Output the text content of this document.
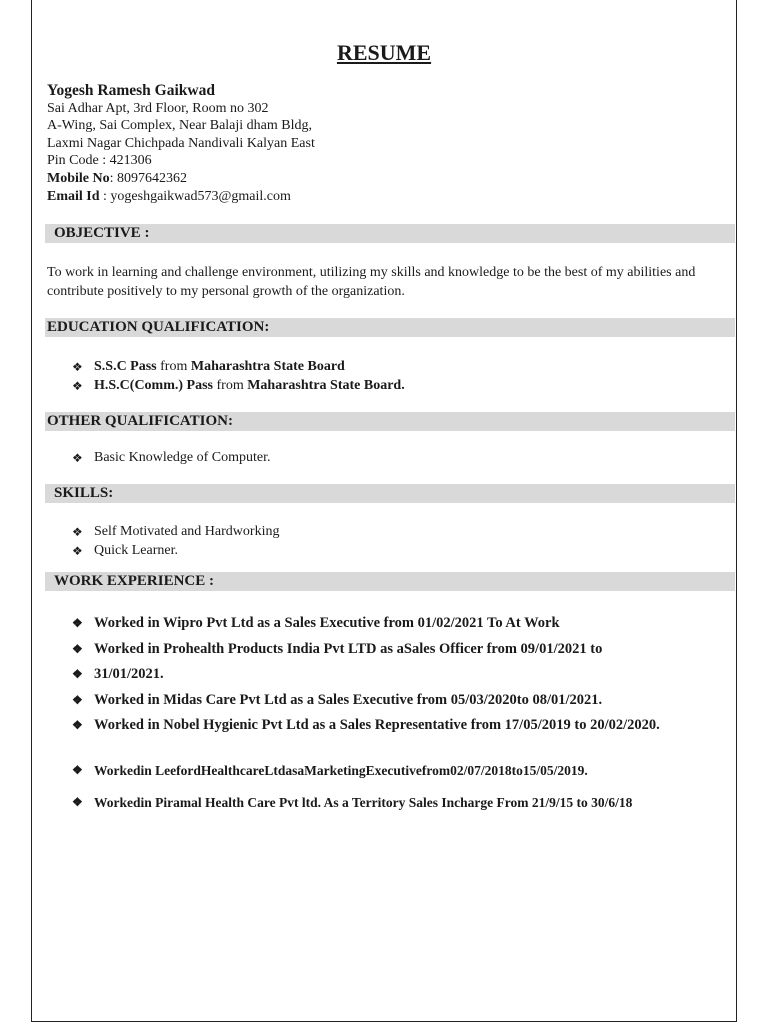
RESUME
Yogesh Ramesh Gaikwad
Sai Adhar Apt, 3rd Floor, Room no 302
A-Wing, Sai Complex, Near Balaji dham Bldg,
Laxmi Nagar Chichpada Nandivali Kalyan East
Pin Code : 421306
Mobile No: 8097642362
Email Id : yogeshgaikwad573@gmail.com
OBJECTIVE :
To work in learning and challenge environment, utilizing my skills and knowledge to be the best of my abilities and contribute positively to my personal growth of the organization.
EDUCATION QUALIFICATION:
❖ S.S.C Pass from Maharashtra State Board
❖ H.S.C(Comm.) Pass from Maharashtra State Board.
OTHER QUALIFICATION:
❖ Basic Knowledge of Computer.
SKILLS:
❖ Self Motivated and Hardworking
❖ Quick Learner.
WORK EXPERIENCE :
❖ Worked in Wipro Pvt Ltd as a Sales Executive from 01/02/2021 To At Work
❖ Worked in Prohealth Products India Pvt LTD as aSales Officer from 09/01/2021 to
❖ 31/01/2021.
❖ Worked in Midas Care Pvt Ltd as a Sales Executive from 05/03/2020to 08/01/2021.
❖ Worked in Nobel Hygienic Pvt Ltd as a Sales Representative from 17/05/2019 to 20/02/2020.
❖ Workedin LeefordHealthcareLtdasaMarketingExecutivefrom02/07/2018to15/05/2019.
❖ Workedin Piramal Health Care Pvt ltd. As a Territory Sales Incharge From 21/9/15 to 30/6/18
